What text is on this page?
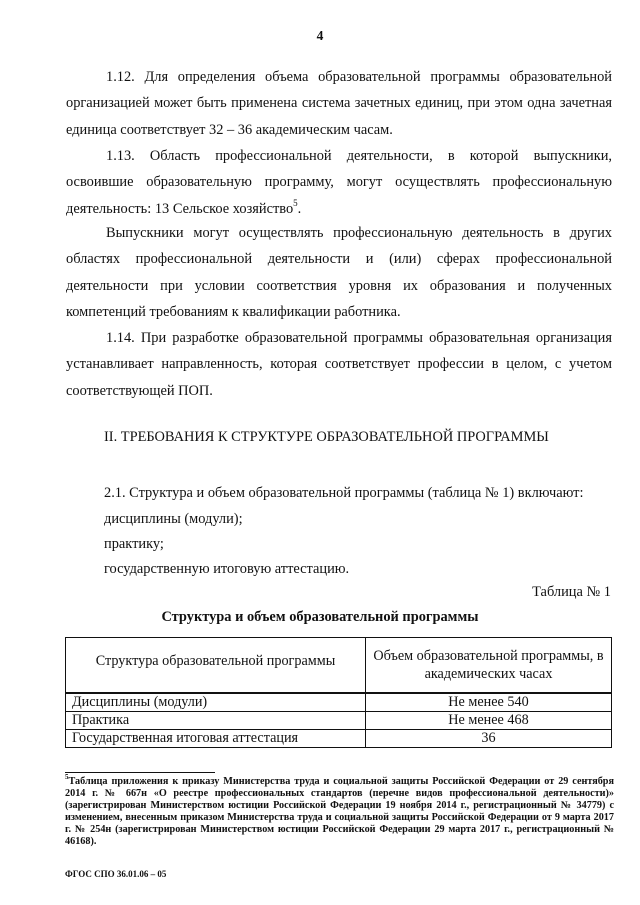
4
1.12. Для определения объема образовательной программы образовательной организацией может быть применена система зачетных единиц, при этом одна зачетная единица соответствует 32 – 36 академическим часам.
1.13. Область профессиональной деятельности, в которой выпускники, освоившие образовательную программу, могут осуществлять профессиональную деятельность: 13 Сельское хозяйство$^5$.
Выпускники могут осуществлять профессиональную деятельность в других областях профессиональной деятельности и (или) сферах профессиональной деятельности при условии соответствия уровня их образования и полученных компетенций требованиям к квалификации работника.
1.14. При разработке образовательной программы образовательная организация устанавливает направленность, которая соответствует профессии в целом, с учетом соответствующей ПОП.
II. ТРЕБОВАНИЯ К СТРУКТУРЕ ОБРАЗОВАТЕЛЬНОЙ ПРОГРАММЫ
2.1. Структура и объем образовательной программы (таблица № 1) включают:
дисциплины (модули);
практику;
государственную итоговую аттестацию.
Таблица № 1
Структура и объем образовательной программы
Структура образовательной программы	Объем образовательной программы, в академических часах
Дисциплины (модули)	Не менее 540
Практика	Не менее 468
Государственная итоговая аттестация	36
$^5$Таблица приложения к приказу Министерства труда и социальной защиты Российской Федерации от 29 сентября 2014 г. № 667н «О реестре профессиональных стандартов (перечне видов профессиональной деятельности)» (зарегистрирован Министерством юстиции Российской Федерации 19 ноября 2014 г., регистрационный № 34779) с изменением, внесенным приказом Министерства труда и социальной защиты Российской Федерации от 9 марта 2017 г. № 254н (зарегистрирован Министерством юстиции Российской Федерации 29 марта 2017 г., регистрационный № 46168).
ФГОС СПО 36.01.06 – 05
